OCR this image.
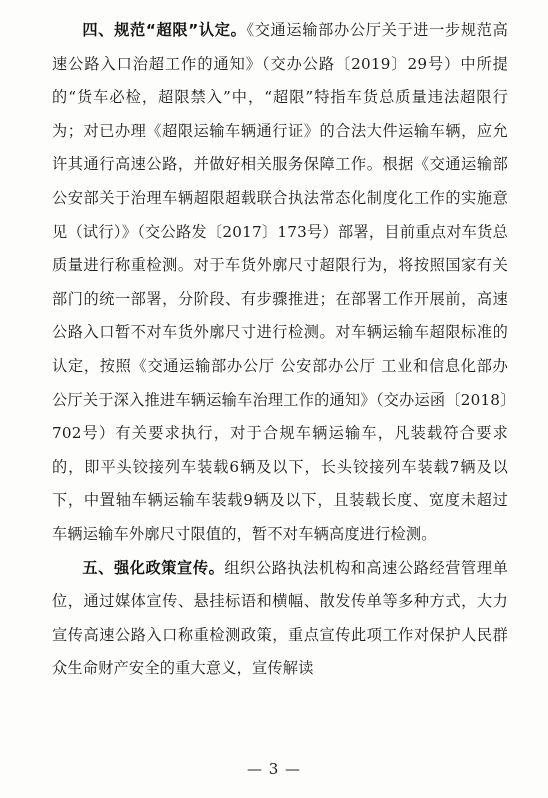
四、规范“超限”认定。《交通运输部办公厅关于进一步规范高速公路入口治超工作的通知》（交办公路〔2019〕29号）中所提的“货车必检，超限禁入”中，“超限”特指车货总质量违法超限行为；对已办理《超限运输车辆通行证》的合法大件运输车辆，应允许其通行高速公路，并做好相关服务保障工作。根据《交通运输部 公安部关于治理车辆超限超载联合执法常态化制度化工作的实施意见（试行）》（交公路发〔2017〕173号）部署，目前重点对车货总质量进行称重检测。对于车货外廓尺寸超限行为，将按照国家有关部门的统一部署，分阶段、有步骤推进；在部署工作开展前，高速公路入口暂不对车货外廓尺寸进行检测。对车辆运输车超限标准的认定，按照《交通运输部办公厅 公安部办公厅 工业和信息化部办公厅关于深入推进车辆运输车治理工作的通知》（交办运函〔2018〕702号）有关要求执行，对于合规车辆运输车，凡装载符合要求的，即平头铰接列车装载6辆及以下，长头铰接列车装载7辆及以下，中置轴车辆运输车装载9辆及以下，且装载长度、宽度未超过车辆运输车外廓尺寸限值的，暂不对车辆高度进行检测。

五、强化政策宣传。组织公路执法机构和高速公路经营管理单位，通过媒体宣传、悬挂标语和横幅、散发传单等多种方式，大力宣传高速公路入口称重检测政策，重点宣传此项工作对保护人民群众生命财产安全的重大意义，宣传解读

— 3 —
